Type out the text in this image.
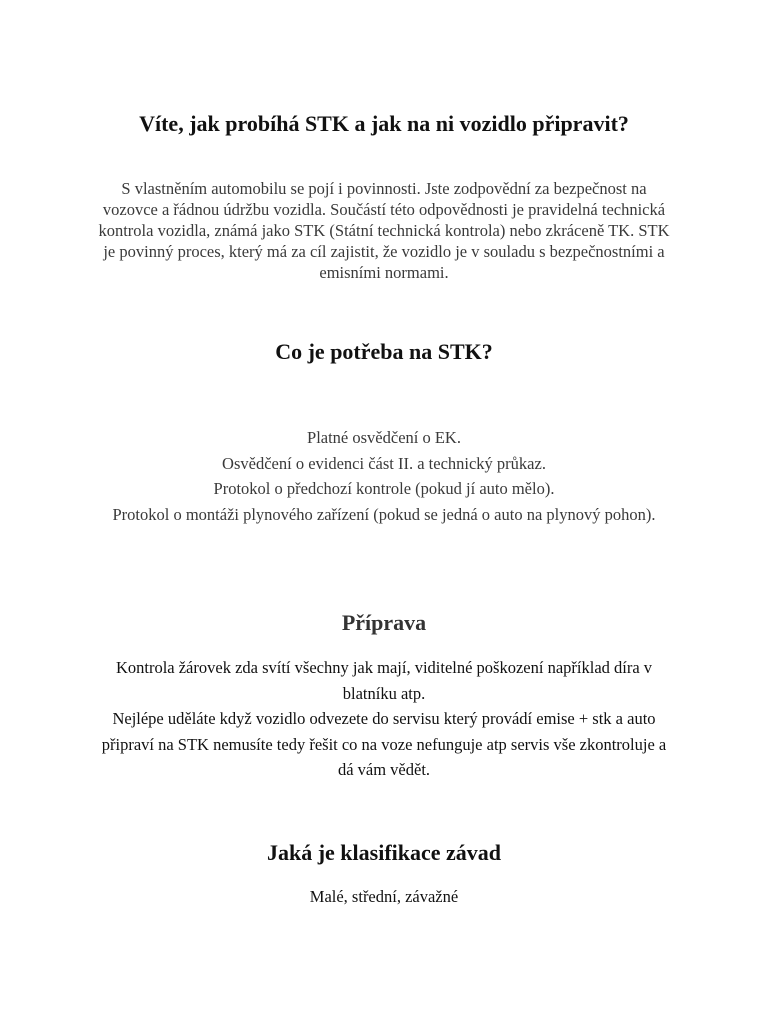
Víte, jak probíhá STK a jak na ni vozidlo připravit?

S vlastněním automobilu se pojí i povinnosti. Jste zodpovědní za bezpečnost na vozovce a řádnou údržbu vozidla. Součástí této odpovědnosti je pravidelná technická kontrola vozidla, známá jako STK (Státní technická kontrola) nebo zkráceně TK. STK je povinný proces, který má za cíl zajistit, že vozidlo je v souladu s bezpečnostními a emisními normami.

Co je potřeba na STK?

Platné osvědčení o EK.

Osvědčení o evidenci část II. a technický průkaz.

Protokol o předchozí kontrole (pokud jí auto mělo).

Protokol o montáži plynového zařízení (pokud se jedná o auto na plynový pohon).

Příprava

Kontrola žárovek zda svítí všechny jak mají, viditelné poškození například díra v blatníku atp.

Nejlépe uděláte když vozidlo odvezete do servisu který provádí emise + stk a auto připraví na STK nemusíte tedy řešit co na voze nefunguje atp servis vše zkontroluje a dá vám vědět.

Jaká je klasifikace závad

Malé, střední, závažné
